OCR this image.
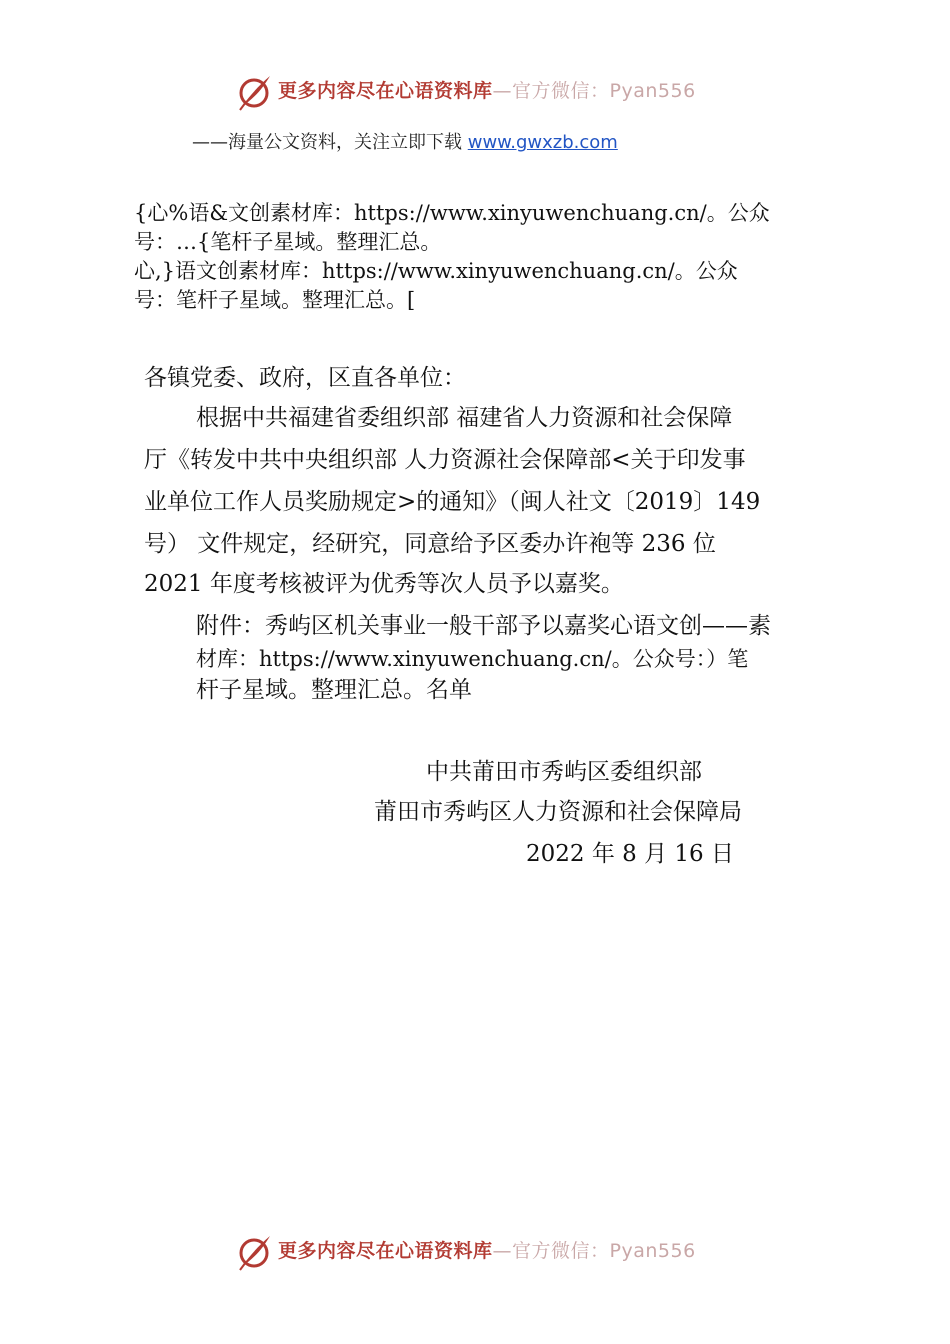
更多内容尽在心语资料库—官方微信：Pyan556
——海量公文资料，关注立即下载 www.gwxzb.com
{心%语&文创素材库：https://www.xinyuwenchuang.cn/。公众
号：…{笔杆子星域。整理汇总。
心,}语文创素材库：https://www.xinyuwenchuang.cn/。公众
号：笔杆子星域。整理汇总。[
各镇党委、政府，区直各单位：
根据中共福建省委组织部 福建省人力资源和社会保障
厅《转发中共中央组织部 人力资源社会保障部<关于印发事
业单位工作人员奖励规定>的通知》（闽人社文〔2019〕149
号） 文件规定，经研究，同意给予区委办许袍等 236 位
2021 年度考核被评为优秀等次人员予以嘉奖。
附件：秀屿区机关事业一般干部予以嘉奖心语文创——素
材库：https://www.xinyuwenchuang.cn/。公众号：）笔
杆子星域。整理汇总。名单
中共莆田市秀屿区委组织部
莆田市秀屿区人力资源和社会保障局
2022 年 8 月 16 日
更多内容尽在心语资料库—官方微信：Pyan556
